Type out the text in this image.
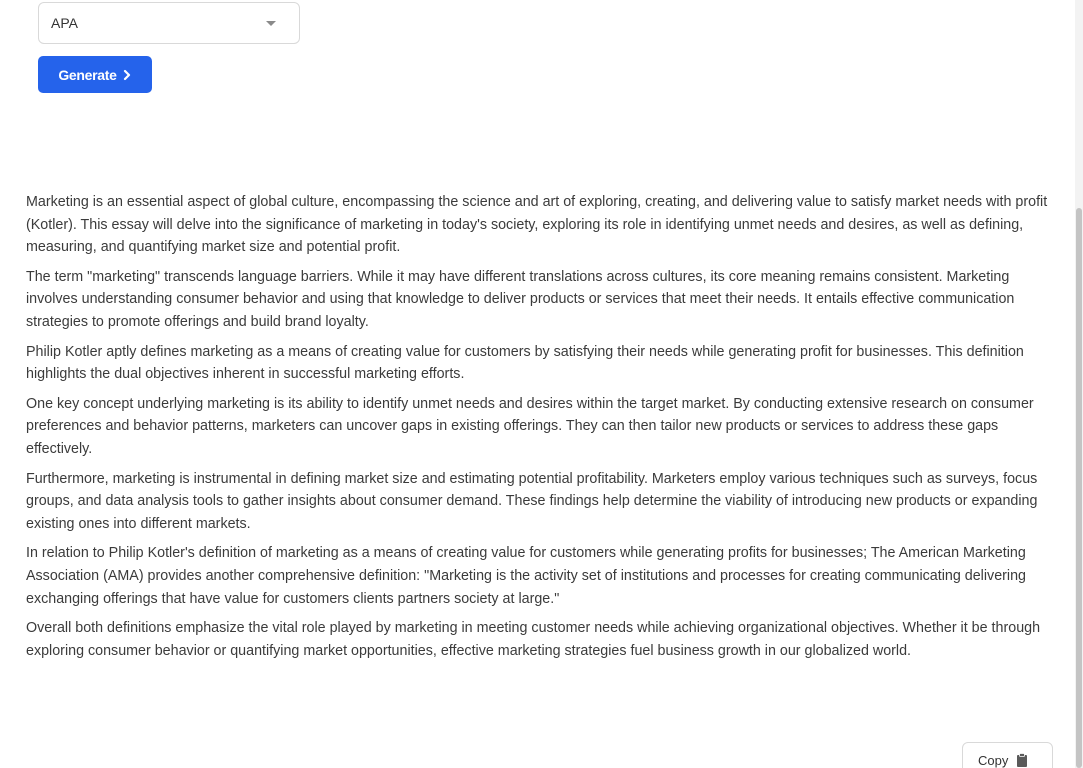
APA
Generate

Marketing is an essential aspect of global culture, encompassing the science and art of exploring, creating, and delivering value to satisfy market needs with profit (Kotler). This essay will delve into the significance of marketing in today's society, exploring its role in identifying unmet needs and desires, as well as defining, measuring, and quantifying market size and potential profit.

The term "marketing" transcends language barriers. While it may have different translations across cultures, its core meaning remains consistent. Marketing involves understanding consumer behavior and using that knowledge to deliver products or services that meet their needs. It entails effective communication strategies to promote offerings and build brand loyalty.

Philip Kotler aptly defines marketing as a means of creating value for customers by satisfying their needs while generating profit for businesses. This definition highlights the dual objectives inherent in successful marketing efforts.

One key concept underlying marketing is its ability to identify unmet needs and desires within the target market. By conducting extensive research on consumer preferences and behavior patterns, marketers can uncover gaps in existing offerings. They can then tailor new products or services to address these gaps effectively.

Furthermore, marketing is instrumental in defining market size and estimating potential profitability. Marketers employ various techniques such as surveys, focus groups, and data analysis tools to gather insights about consumer demand. These findings help determine the viability of introducing new products or expanding existing ones into different markets.

In relation to Philip Kotler's definition of marketing as a means of creating value for customers while generating profits for businesses; The American Marketing Association (AMA) provides another comprehensive definition: "Marketing is the activity set of institutions and processes for creating communicating delivering exchanging offerings that have value for customers clients partners society at large."

Overall both definitions emphasize the vital role played by marketing in meeting customer needs while achieving organizational objectives. Whether it be through exploring consumer behavior or quantifying market opportunities, effective marketing strategies fuel business growth in our globalized world.

Copy
